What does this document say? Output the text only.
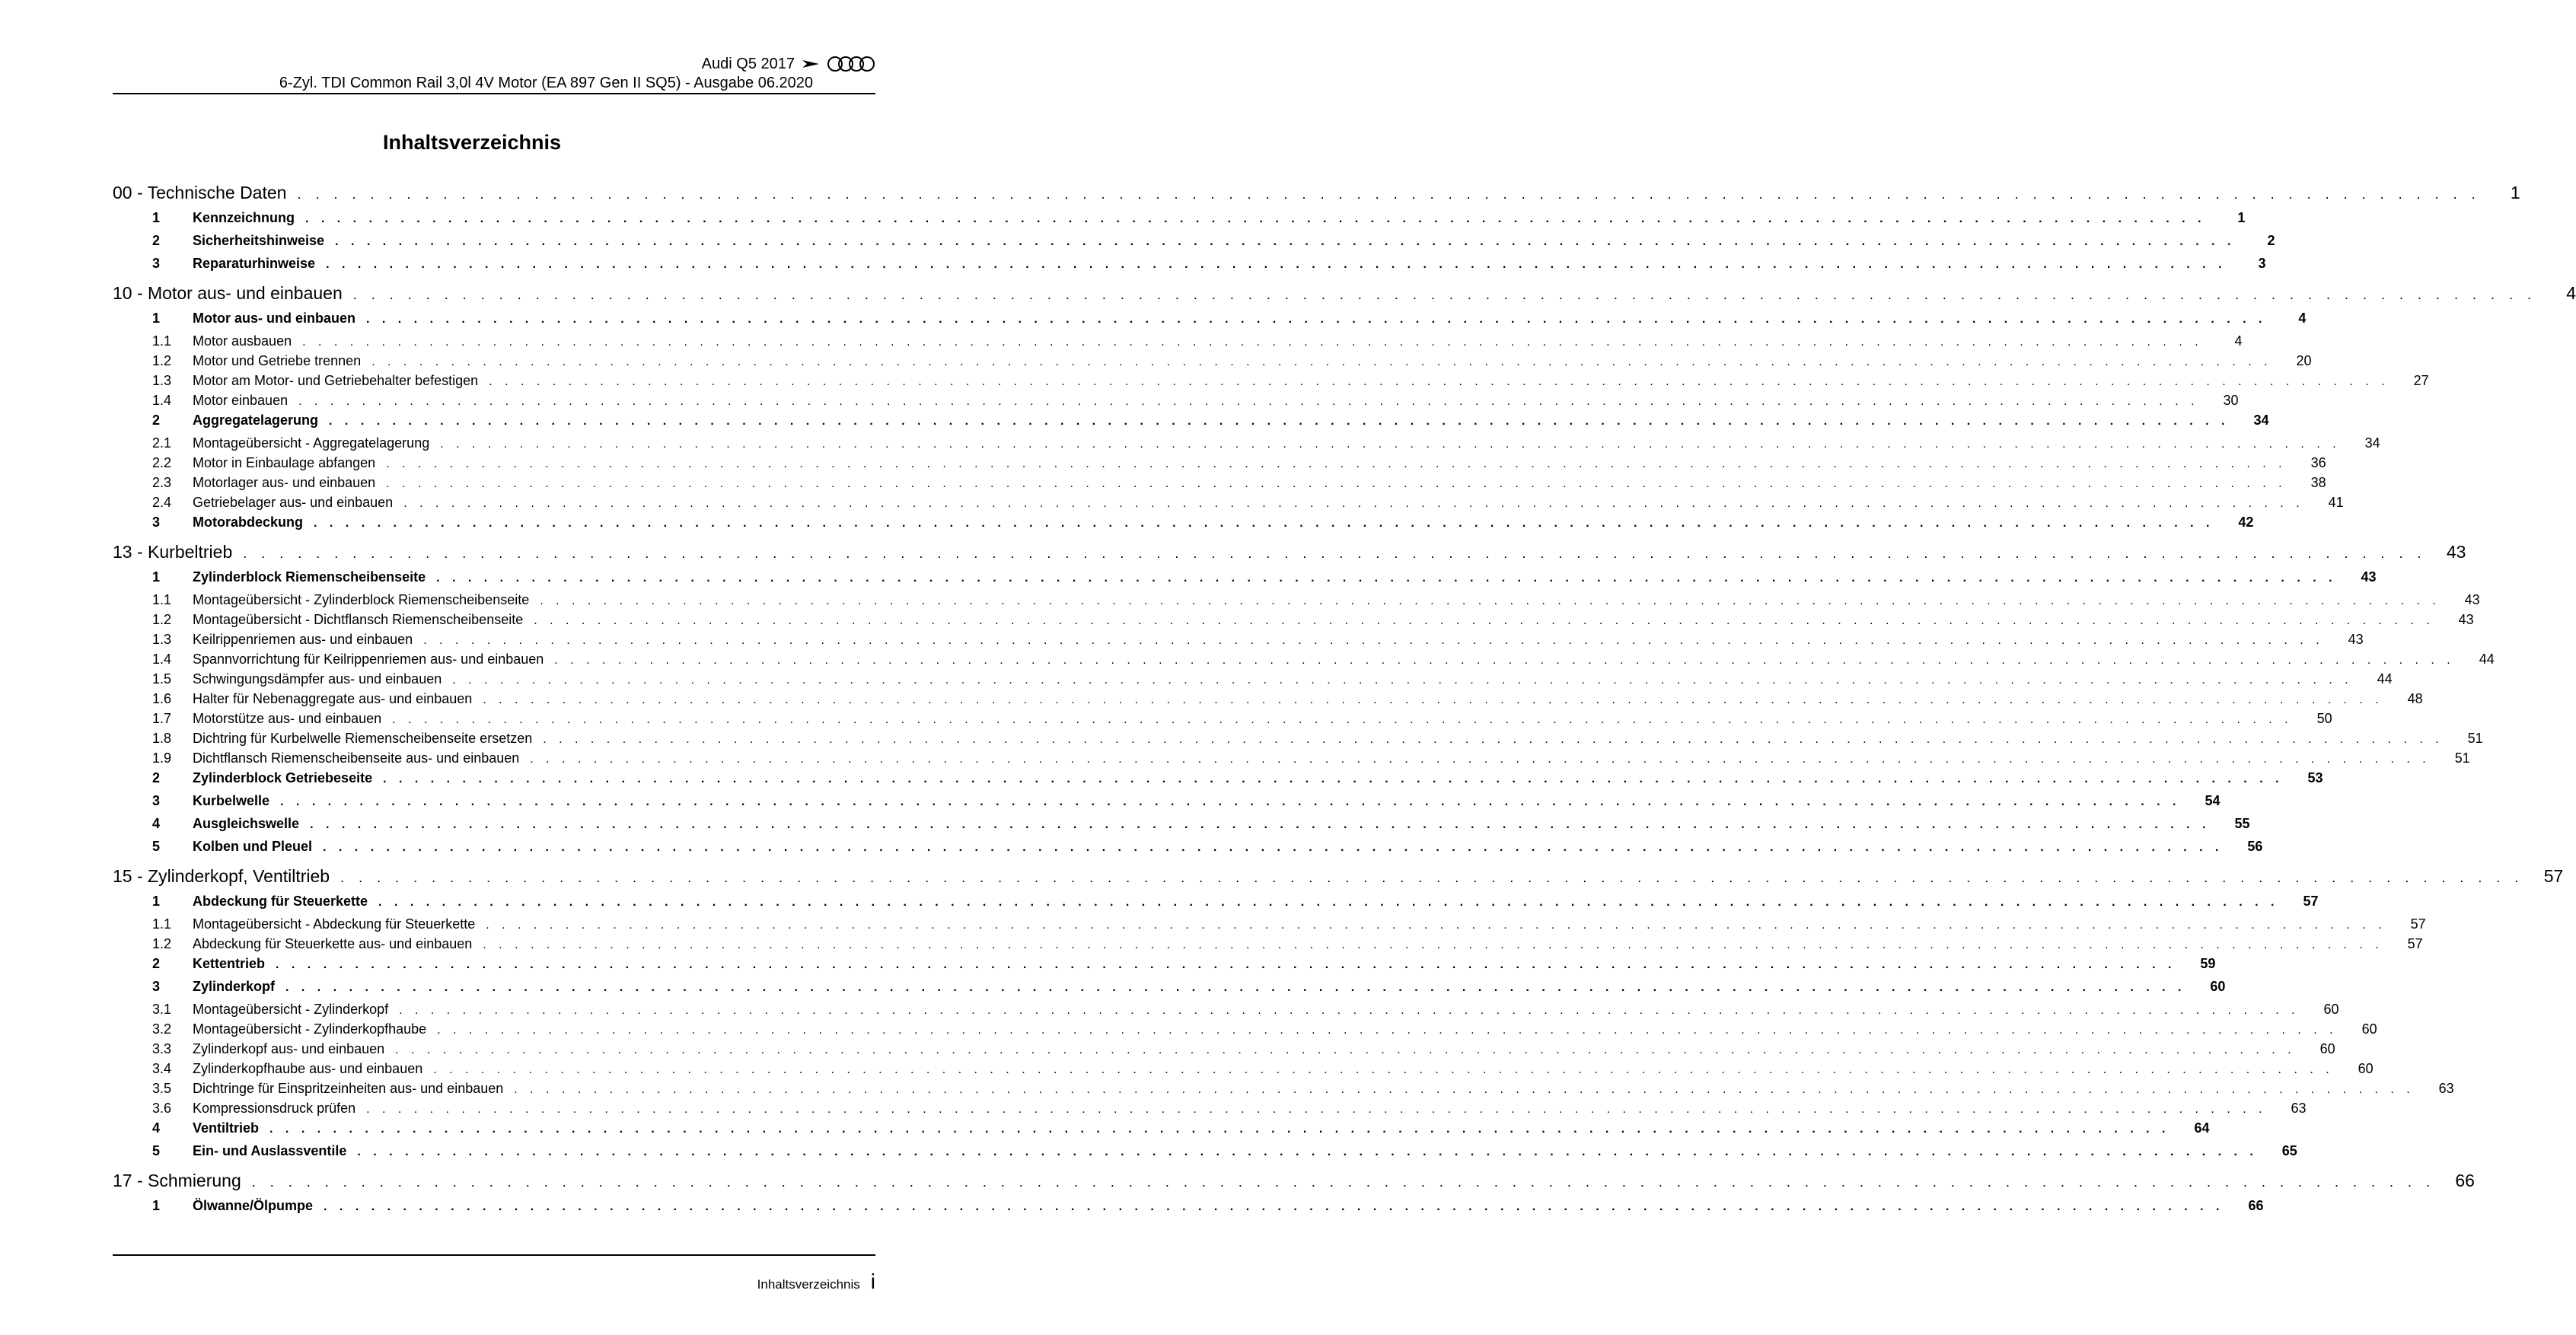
Audi Q5 2017
6-Zyl. TDI Common Rail 3,0l 4V Motor (EA 897 Gen II SQ5) - Ausgabe 06.2020
Inhaltsverzeichnis
00 - Technische Daten . . . . . . . . . . . . . . . . . . . . . . . . . . . . . . . . . . . . . . . . . . . . . . . . . . . . . . . . . . . . . . . . . . . . . . . . . . . . . . . . . . . . . . . . . . . . . . . . . . . . . . . . . . . . . . . . . . . . . . . .	1
1	Kennzeichnung . . . . . . . . . . . . . . . . . . . . . . . . . . . . . . . . . . . . . . . . . . . . . . . . . . . . . . . . . . . . . . . . . . . . . . . . . . . . . . . . . . . . . . . . . . . . . . . . . . . . . . . . . . . . . . . . . . . . . . . .	1
2	Sicherheitshinweise . . . . . . . . . . . . . . . . . . . . . . . . . . . . . . . . . . . . . . . . . . . . . . . . . . . . . . . . . . . . . . . . . . . . . . . . . . . . . . . . . . . . . . . . . . . . . . . . . . . . . . . . . . . . . . . . . . . . . . . .	2
3	Reparaturhinweise . . . . . . . . . . . . . . . . . . . . . . . . . . . . . . . . . . . . . . . . . . . . . . . . . . . . . . . . . . . . . . . . . . . . . . . . . . . . . . . . . . . . . . . . . . . . . . . . . . . . . . . . . . . . . . . . . . . . . . . .	3
10 - Motor aus- und einbauen . . . . . . . . . . . . . . . . . . . . . . . . . . . . . . . . . . . . . . . . . . . . . . . . . . . . . . . . . . . . . . . . . . . . . . . . . . . . . . . . . . . . . . . . . . . . . . . . . . . . . . . . . . . . . . . . . . . . . . . .	4
1	Motor aus- und einbauen . . . . . . . . . . . . . . . . . . . . . . . . . . . . . . . . . . . . . . . . . . . . . . . . . . . . . . . . . . . . . . . . . . . . . . . . . . . . . . . . . . . . . . . . . . . . . . . . . . . . . . . . . . . . . . . . . . . . . . . .	4
1.1	Motor ausbauen . . . . . . . . . . . . . . . . . . . . . . . . . . . . . . . . . . . . . . . . . . . . . . . . . . . . . . . . . . . . . . . . . . . . . . . . . . . . . . . . . . . . . . . . . . . . . . . . . . . . . . . . . . . . . . . . . . . . . . . .	4
1.2	Motor und Getriebe trennen . . . . . . . . . . . . . . . . . . . . . . . . . . . . . . . . . . . . . . . . . . . . . . . . . . . . . . . . . . . . . . . . . . . . . . . . . . . . . . . . . . . . . . . . . . . . . . . . . . . . . . . . . . . . . . . . . . . . . . . .	20
1.3	Motor am Motor- und Getriebehalter befestigen . . . . . . . . . . . . . . . . . . . . . . . . . . . . . . . . . . . . . . . . . . . . . . . . . . . . . . . . . . . . . . . . . . . . . . . . . . . . . . . . . . . . . . . . . . . . . . . . . . . . . . . . . . . . . . . . . . . . . . . .	27
1.4	Motor einbauen . . . . . . . . . . . . . . . . . . . . . . . . . . . . . . . . . . . . . . . . . . . . . . . . . . . . . . . . . . . . . . . . . . . . . . . . . . . . . . . . . . . . . . . . . . . . . . . . . . . . . . . . . . . . . . . . . . . . . . . .	30
2	Aggregatelagerung . . . . . . . . . . . . . . . . . . . . . . . . . . . . . . . . . . . . . . . . . . . . . . . . . . . . . . . . . . . . . . . . . . . . . . . . . . . . . . . . . . . . . . . . . . . . . . . . . . . . . . . . . . . . . . . . . . . . . . . .	34
2.1	Montageübersicht - Aggregatelagerung . . . . . . . . . . . . . . . . . . . . . . . . . . . . . . . . . . . . . . . . . . . . . . . . . . . . . . . . . . . . . . . . . . . . . . . . . . . . . . . . . . . . . . . . . . . . . . . . . . . . . . . . . . . . . . . . . . . . . . . .	34
2.2	Motor in Einbaulage abfangen . . . . . . . . . . . . . . . . . . . . . . . . . . . . . . . . . . . . . . . . . . . . . . . . . . . . . . . . . . . . . . . . . . . . . . . . . . . . . . . . . . . . . . . . . . . . . . . . . . . . . . . . . . . . . . . . . . . . . . . .	36
2.3	Motorlager aus- und einbauen . . . . . . . . . . . . . . . . . . . . . . . . . . . . . . . . . . . . . . . . . . . . . . . . . . . . . . . . . . . . . . . . . . . . . . . . . . . . . . . . . . . . . . . . . . . . . . . . . . . . . . . . . . . . . . . . . . . . . . . .	38
2.4	Getriebelager aus- und einbauen . . . . . . . . . . . . . . . . . . . . . . . . . . . . . . . . . . . . . . . . . . . . . . . . . . . . . . . . . . . . . . . . . . . . . . . . . . . . . . . . . . . . . . . . . . . . . . . . . . . . . . . . . . . . . . . . . . . . . . . .	41
3	Motorabdeckung . . . . . . . . . . . . . . . . . . . . . . . . . . . . . . . . . . . . . . . . . . . . . . . . . . . . . . . . . . . . . . . . . . . . . . . . . . . . . . . . . . . . . . . . . . . . . . . . . . . . . . . . . . . . . . . . . . . . . . . .	42
13 - Kurbeltrieb . . . . . . . . . . . . . . . . . . . . . . . . . . . . . . . . . . . . . . . . . . . . . . . . . . . . . . . . . . . . . . . . . . . . . . . . . . . . . . . . . . . . . . . . . . . . . . . . . . . . . . . . . . . . . . . . . . . . . . . .	43
1	Zylinderblock Riemenscheibenseite . . . . . . . . . . . . . . . . . . . . . . . . . . . . . . . . . . . . . . . . . . . . . . . . . . . . . . . . . . . . . . . . . . . . . . . . . . . . . . . . . . . . . . . . . . . . . . . . . . . . . . . . . . . . . . . . . . . . . . . .	43
1.1	Montageübersicht - Zylinderblock Riemenscheibenseite . . . . . . . . . . . . . . . . . . . . . . . . . . . . . . . . . . . . . . . . . . . . . . . . . . . . . . . . . . . . . . . . . . . . . . . . . . . . . . . . . . . . . . . . . . . . . . . . . . . . . . . . . . . . . . . . . . . . . . . .	43
1.2	Montageübersicht - Dichtflansch Riemenscheibenseite . . . . . . . . . . . . . . . . . . . . . . . . . . . . . . . . . . . . . . . . . . . . . . . . . . . . . . . . . . . . . . . . . . . . . . . . . . . . . . . . . . . . . . . . . . . . . . . . . . . . . . . . . . . . . . . . . . . . . . . .	43
1.3	Keilrippenriemen aus- und einbauen . . . . . . . . . . . . . . . . . . . . . . . . . . . . . . . . . . . . . . . . . . . . . . . . . . . . . . . . . . . . . . . . . . . . . . . . . . . . . . . . . . . . . . . . . . . . . . . . . . . . . . . . . . . . . . . . . . . . . . . .	43
1.4	Spannvorrichtung für Keilrippenriemen aus- und einbauen . . . . . . . . . . . . . . . . . . . . . . . . . . . . . . . . . . . . . . . . . . . . . . . . . . . . . . . . . . . . . . . . . . . . . . . . . . . . . . . . . . . . . . . . . . . . . . . . . . . . . . . . . . . . . . . . . . . . . . . .	44
1.5	Schwingungsdämpfer aus- und einbauen . . . . . . . . . . . . . . . . . . . . . . . . . . . . . . . . . . . . . . . . . . . . . . . . . . . . . . . . . . . . . . . . . . . . . . . . . . . . . . . . . . . . . . . . . . . . . . . . . . . . . . . . . . . . . . . . . . . . . . . .	44
1.6	Halter für Nebenaggregate aus- und einbauen . . . . . . . . . . . . . . . . . . . . . . . . . . . . . . . . . . . . . . . . . . . . . . . . . . . . . . . . . . . . . . . . . . . . . . . . . . . . . . . . . . . . . . . . . . . . . . . . . . . . . . . . . . . . . . . . . . . . . . . .	48
1.7	Motorstütze aus- und einbauen . . . . . . . . . . . . . . . . . . . . . . . . . . . . . . . . . . . . . . . . . . . . . . . . . . . . . . . . . . . . . . . . . . . . . . . . . . . . . . . . . . . . . . . . . . . . . . . . . . . . . . . . . . . . . . . . . . . . . . . .	50
1.8	Dichtring für Kurbelwelle Riemenscheibenseite ersetzen . . . . . . . . . . . . . . . . . . . . . . . . . . . . . . . . . . . . . . . . . . . . . . . . . . . . . . . . . . . . . . . . . . . . . . . . . . . . . . . . . . . . . . . . . . . . . . . . . . . . . . . . . . . . . . . . . . . . . . . .	51
1.9	Dichtflansch Riemenscheibenseite aus- und einbauen . . . . . . . . . . . . . . . . . . . . . . . . . . . . . . . . . . . . . . . . . . . . . . . . . . . . . . . . . . . . . . . . . . . . . . . . . . . . . . . . . . . . . . . . . . . . . . . . . . . . . . . . . . . . . . . . . . . . . . . .	51
2	Zylinderblock Getriebeseite . . . . . . . . . . . . . . . . . . . . . . . . . . . . . . . . . . . . . . . . . . . . . . . . . . . . . . . . . . . . . . . . . . . . . . . . . . . . . . . . . . . . . . . . . . . . . . . . . . . . . . . . . . . . . . . . . . . . . . . .	53
3	Kurbelwelle . . . . . . . . . . . . . . . . . . . . . . . . . . . . . . . . . . . . . . . . . . . . . . . . . . . . . . . . . . . . . . . . . . . . . . . . . . . . . . . . . . . . . . . . . . . . . . . . . . . . . . . . . . . . . . . . . . . . . . . .	54
4	Ausgleichswelle . . . . . . . . . . . . . . . . . . . . . . . . . . . . . . . . . . . . . . . . . . . . . . . . . . . . . . . . . . . . . . . . . . . . . . . . . . . . . . . . . . . . . . . . . . . . . . . . . . . . . . . . . . . . . . . . . . . . . . . .	55
5	Kolben und Pleuel . . . . . . . . . . . . . . . . . . . . . . . . . . . . . . . . . . . . . . . . . . . . . . . . . . . . . . . . . . . . . . . . . . . . . . . . . . . . . . . . . . . . . . . . . . . . . . . . . . . . . . . . . . . . . . . . . . . . . . . .	56
15 - Zylinderkopf, Ventiltrieb . . . . . . . . . . . . . . . . . . . . . . . . . . . . . . . . . . . . . . . . . . . . . . . . . . . . . . . . . . . . . . . . . . . . . . . . . . . . . . . . . . . . . . . . . . . . . . . . . . . . . . . . . . . . . . . . . . . . . . . .	57
1	Abdeckung für Steuerkette . . . . . . . . . . . . . . . . . . . . . . . . . . . . . . . . . . . . . . . . . . . . . . . . . . . . . . . . . . . . . . . . . . . . . . . . . . . . . . . . . . . . . . . . . . . . . . . . . . . . . . . . . . . . . . . . . . . . . . . .	57
1.1	Montageübersicht - Abdeckung für Steuerkette . . . . . . . . . . . . . . . . . . . . . . . . . . . . . . . . . . . . . . . . . . . . . . . . . . . . . . . . . . . . . . . . . . . . . . . . . . . . . . . . . . . . . . . . . . . . . . . . . . . . . . . . . . . . . . . . . . . . . . . .	57
1.2	Abdeckung für Steuerkette aus- und einbauen . . . . . . . . . . . . . . . . . . . . . . . . . . . . . . . . . . . . . . . . . . . . . . . . . . . . . . . . . . . . . . . . . . . . . . . . . . . . . . . . . . . . . . . . . . . . . . . . . . . . . . . . . . . . . . . . . . . . . . . .	57
2	Kettentrieb . . . . . . . . . . . . . . . . . . . . . . . . . . . . . . . . . . . . . . . . . . . . . . . . . . . . . . . . . . . . . . . . . . . . . . . . . . . . . . . . . . . . . . . . . . . . . . . . . . . . . . . . . . . . . . . . . . . . . . . .	59
3	Zylinderkopf . . . . . . . . . . . . . . . . . . . . . . . . . . . . . . . . . . . . . . . . . . . . . . . . . . . . . . . . . . . . . . . . . . . . . . . . . . . . . . . . . . . . . . . . . . . . . . . . . . . . . . . . . . . . . . . . . . . . . . . .	60
3.1	Montageübersicht - Zylinderkopf . . . . . . . . . . . . . . . . . . . . . . . . . . . . . . . . . . . . . . . . . . . . . . . . . . . . . . . . . . . . . . . . . . . . . . . . . . . . . . . . . . . . . . . . . . . . . . . . . . . . . . . . . . . . . . . . . . . . . . . .	60
3.2	Montageübersicht - Zylinderkopfhaube . . . . . . . . . . . . . . . . . . . . . . . . . . . . . . . . . . . . . . . . . . . . . . . . . . . . . . . . . . . . . . . . . . . . . . . . . . . . . . . . . . . . . . . . . . . . . . . . . . . . . . . . . . . . . . . . . . . . . . . .	60
3.3	Zylinderkopf aus- und einbauen . . . . . . . . . . . . . . . . . . . . . . . . . . . . . . . . . . . . . . . . . . . . . . . . . . . . . . . . . . . . . . . . . . . . . . . . . . . . . . . . . . . . . . . . . . . . . . . . . . . . . . . . . . . . . . . . . . . . . . . .	60
3.4	Zylinderkopfhaube aus- und einbauen . . . . . . . . . . . . . . . . . . . . . . . . . . . . . . . . . . . . . . . . . . . . . . . . . . . . . . . . . . . . . . . . . . . . . . . . . . . . . . . . . . . . . . . . . . . . . . . . . . . . . . . . . . . . . . . . . . . . . . . .	60
3.5	Dichtringe für Einspritzeinheiten aus- und einbauen . . . . . . . . . . . . . . . . . . . . . . . . . . . . . . . . . . . . . . . . . . . . . . . . . . . . . . . . . . . . . . . . . . . . . . . . . . . . . . . . . . . . . . . . . . . . . . . . . . . . . . . . . . . . . . . . . . . . . . . .	63
3.6	Kompressionsdruck prüfen . . . . . . . . . . . . . . . . . . . . . . . . . . . . . . . . . . . . . . . . . . . . . . . . . . . . . . . . . . . . . . . . . . . . . . . . . . . . . . . . . . . . . . . . . . . . . . . . . . . . . . . . . . . . . . . . . . . . . . . .	63
4	Ventiltrieb . . . . . . . . . . . . . . . . . . . . . . . . . . . . . . . . . . . . . . . . . . . . . . . . . . . . . . . . . . . . . . . . . . . . . . . . . . . . . . . . . . . . . . . . . . . . . . . . . . . . . . . . . . . . . . . . . . . . . . . .	64
5	Ein- und Auslassventile . . . . . . . . . . . . . . . . . . . . . . . . . . . . . . . . . . . . . . . . . . . . . . . . . . . . . . . . . . . . . . . . . . . . . . . . . . . . . . . . . . . . . . . . . . . . . . . . . . . . . . . . . . . . . . . . . . . . . . . .	65
17 - Schmierung . . . . . . . . . . . . . . . . . . . . . . . . . . . . . . . . . . . . . . . . . . . . . . . . . . . . . . . . . . . . . . . . . . . . . . . . . . . . . . . . . . . . . . . . . . . . . . . . . . . . . . . . . . . . . . . . . . . . . . . .	66
1	Ölwanne/Ölpumpe . . . . . . . . . . . . . . . . . . . . . . . . . . . . . . . . . . . . . . . . . . . . . . . . . . . . . . . . . . . . . . . . . . . . . . . . . . . . . . . . . . . . . . . . . . . . . . . . . . . . . . . . . . . . . . . . . . . . . . . .	66
Inhaltsverzeichnis i
